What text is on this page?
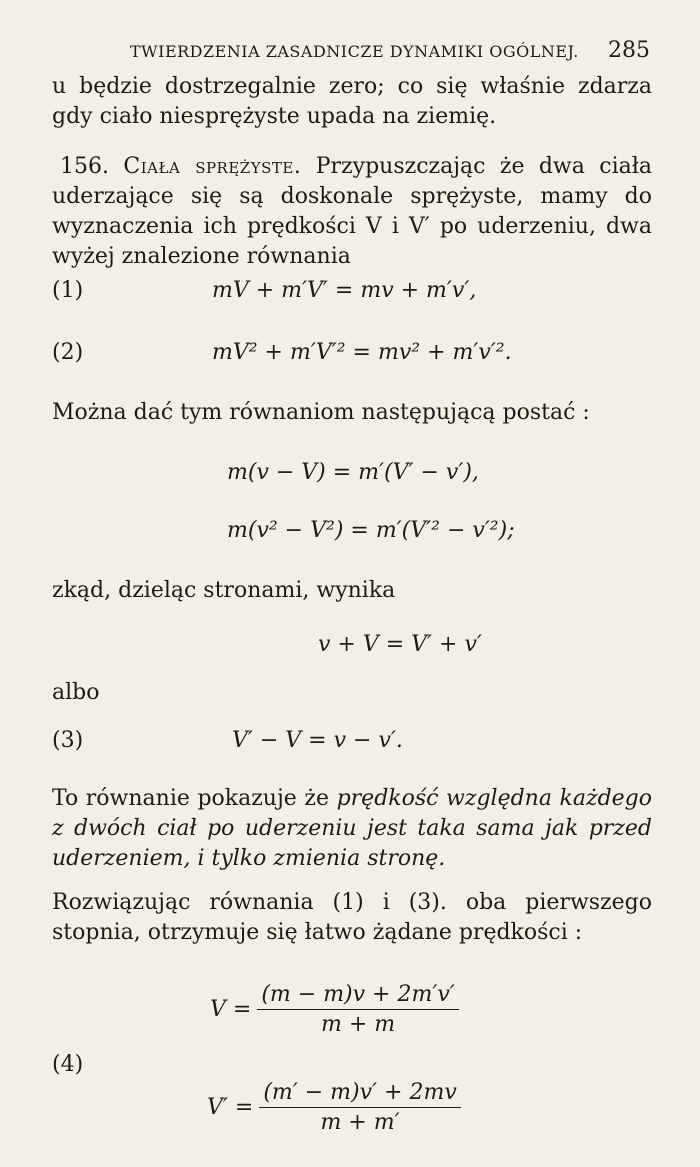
TWIERDZENIA ZASADNICZE DYNAMIKI OGÓLNEJ. 285

u będzie dostrzegalnie zero; co się właśnie zdarza gdy ciało niesprężyste upada na ziemię.

156. Ciała sprężyste. Przypuszczając że dwa ciała uderzające się są doskonale sprężyste, mamy do wyznaczenia ich prędkości V i V′ po uderzeniu, dwa wyżej znalezione równania

(1)	mV + m′V′ = mv + m′v′,
(2)	mV² + m′V′² = mv² + m′v′².

Można dać tym równaniom następującą postać :

m(v − V) = m′(V′ − v′),
m(v² − V²) = m′(V′² − v′²);

zkąd, dzieląc stronami, wynika

v + V = V′ + v′

albo

(3)	V′ − V = v − v′.

To równanie pokazuje że prędkość względna każdego z dwóch ciał po uderzeniu jest taka sama jak przed uderzeniem, i tylko zmienia stronę.

Rozwiązując równania (1) i (3). oba pierwszego stopnia, otrzymuje się łatwo żądane prędkości :

$V = \frac{(m - m)v + 2m'v'}{m + m}$
(4)
$V' = \frac{(m' - m)v' + 2mv}{m + m'}$
